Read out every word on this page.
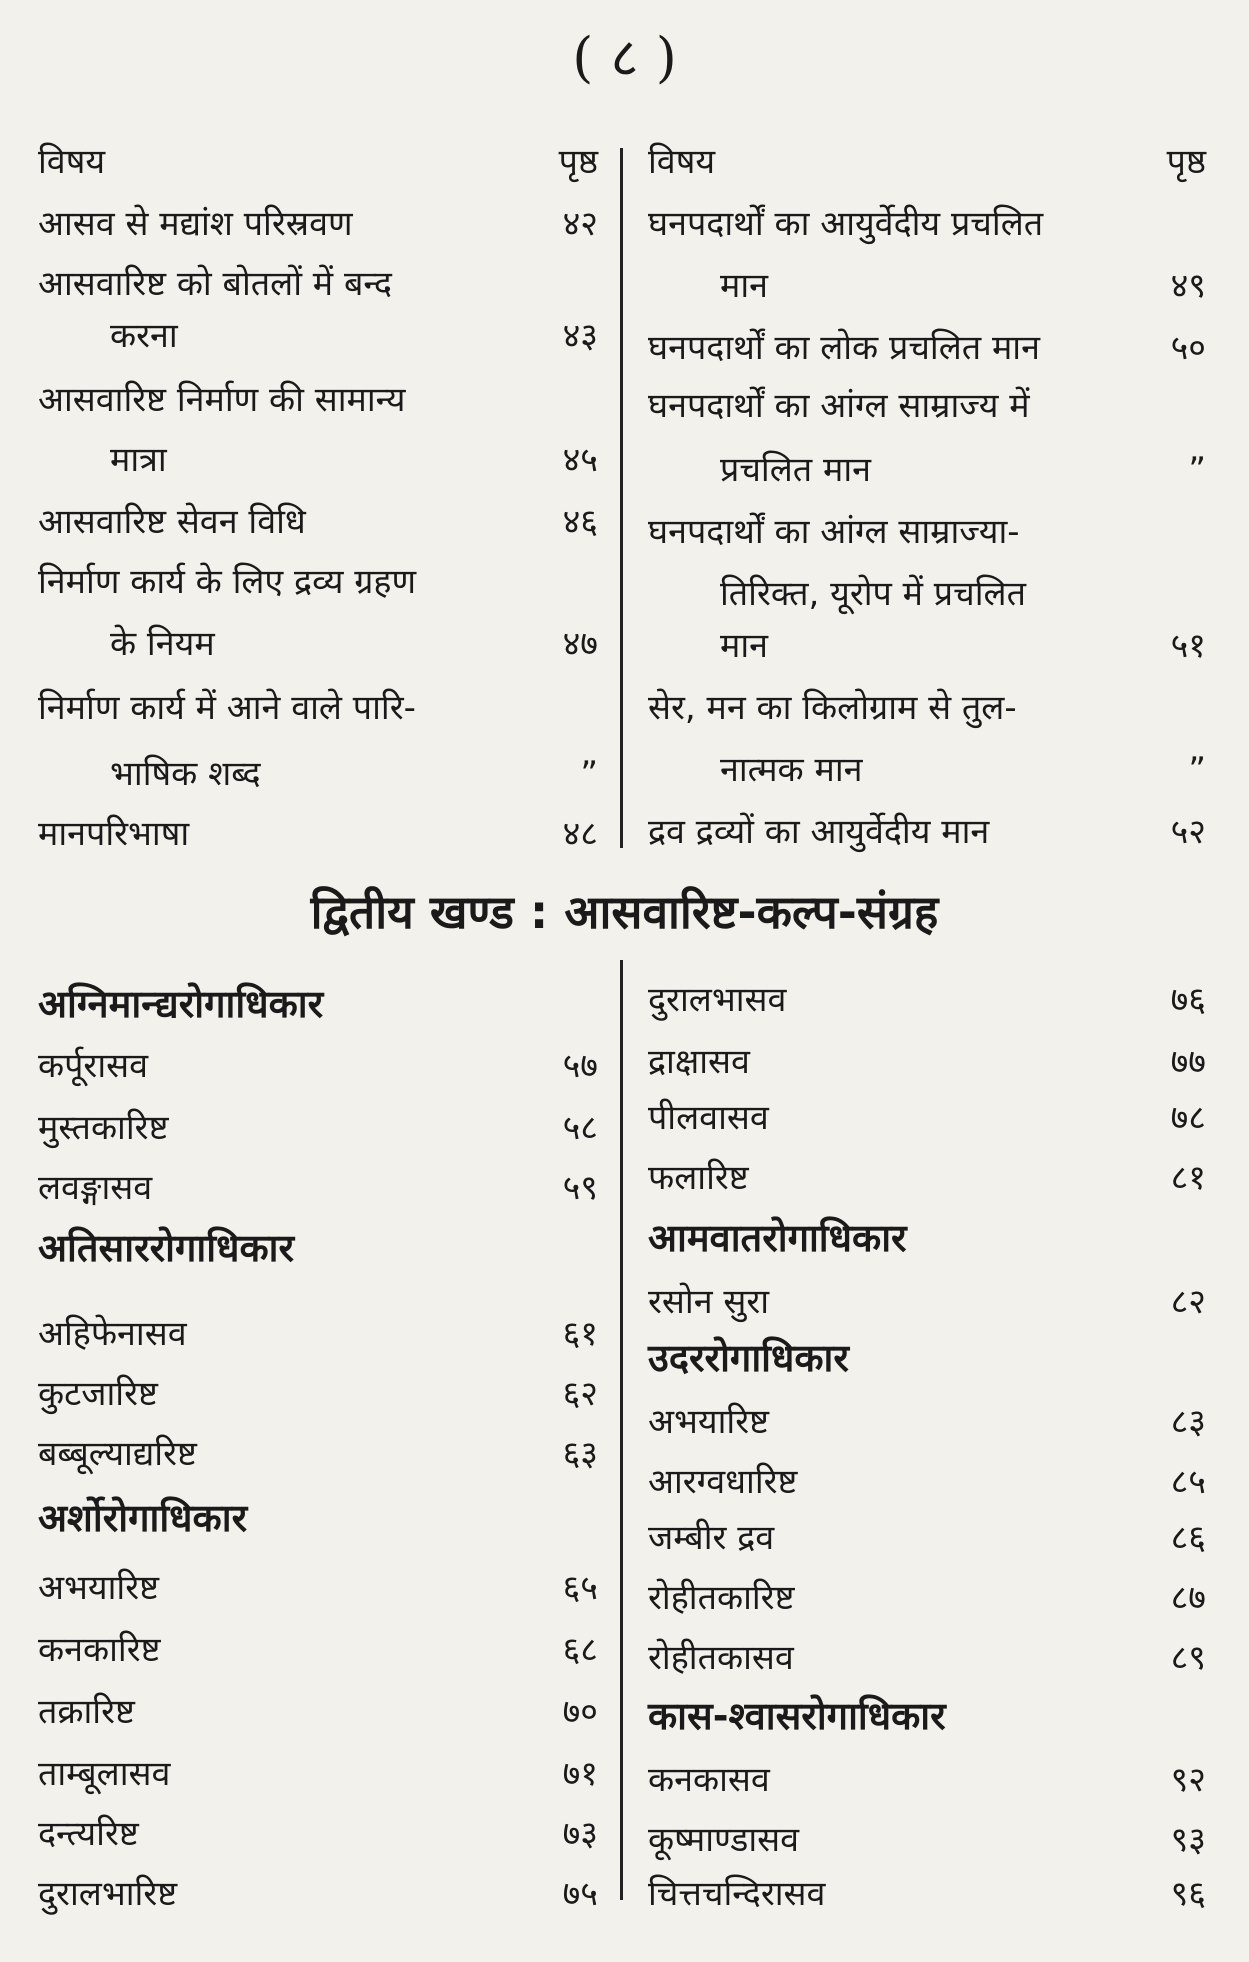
( ८ )
विषय	पृष्ठ
आसव से मद्यांश परिस्रवण	४२
आसवारिष्ट को बोतलों में बन्द
करना	४३
आसवारिष्ट निर्माण की सामान्य
मात्रा	४५
आसवारिष्ट सेवन विधि	४६
निर्माण कार्य के लिए द्रव्य ग्रहण
के नियम	४७
निर्माण कार्य में आने वाले पारि-
भाषिक शब्द	”
मानपरिभाषा	४८
विषय	पृष्ठ
घनपदार्थों का आयुर्वेदीय प्रचलित
मान	४९
घनपदार्थों का लोक प्रचलित मान	५०
घनपदार्थों का आंग्ल साम्राज्य में
प्रचलित मान	”
घनपदार्थों का आंग्ल साम्राज्या-
तिरिक्त, यूरोप में प्रचलित
मान	५१
सेर, मन का किलोग्राम से तुल-
नात्मक मान	”
द्रव द्रव्यों का आयुर्वेदीय मान	५२
द्वितीय खण्ड : आसवारिष्ट-कल्प-संग्रह
अग्निमान्द्यरोगाधिकार
कर्पूरासव	५७
मुस्तकारिष्ट	५८
लवङ्गासव	५९
अतिसाररोगाधिकार
अहिफेनासव	६१
कुटजारिष्ट	६२
बब्बूल्याद्यरिष्ट	६३
अर्शोरोगाधिकार
अभयारिष्ट	६५
कनकारिष्ट	६८
तक्रारिष्ट	७०
ताम्बूलासव	७१
दन्त्यरिष्ट	७३
दुरालभारिष्ट	७५
दुरालभासव	७६
द्राक्षासव	७७
पीलवासव	७८
फलारिष्ट	८१
आमवातरोगाधिकार
रसोन सुरा	८२
उदररोगाधिकार
अभयारिष्ट	८३
आरग्वधारिष्ट	८५
जम्बीर द्रव	८६
रोहीतकारिष्ट	८७
रोहीतकासव	८९
कास-श्वासरोगाधिकार
कनकासव	९२
कूष्माण्डासव	९३
चित्तचन्दिरासव	९६
